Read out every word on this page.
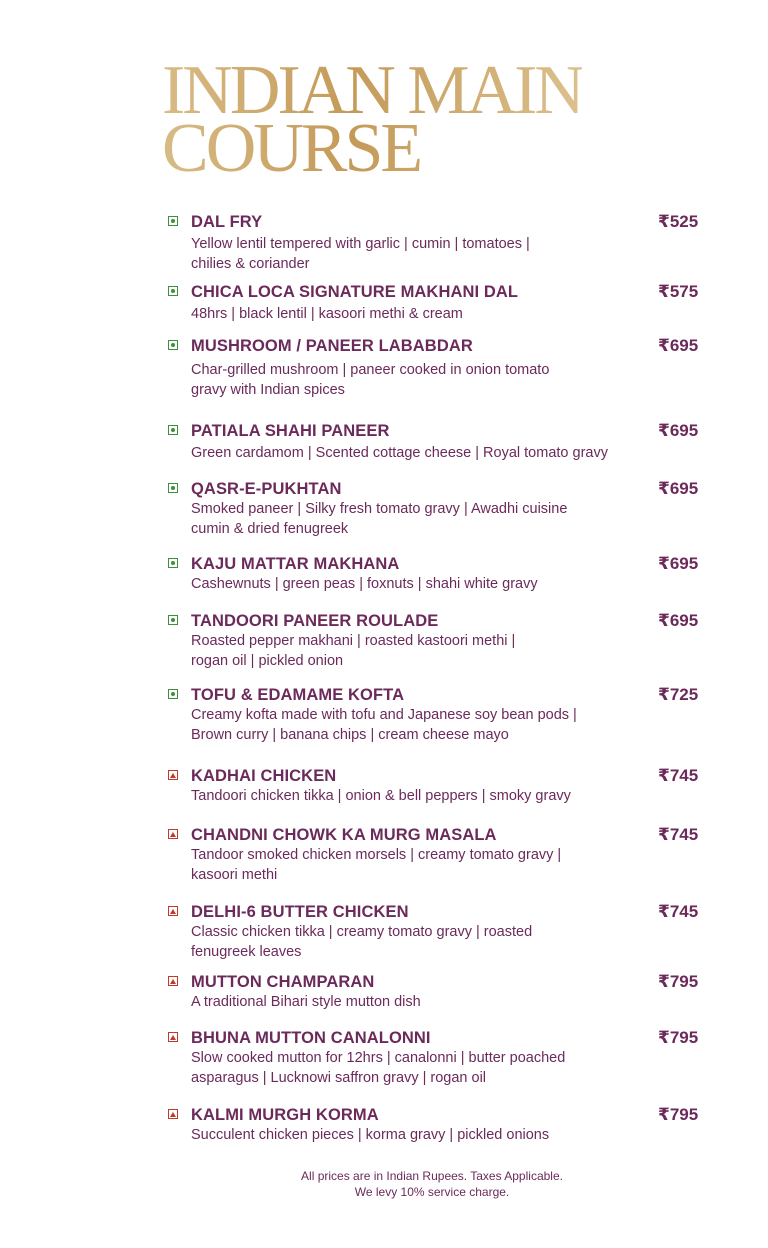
INDIAN MAIN
COURSE
DAL FRY	₹525
Yellow lentil tempered with garlic | cumin | tomatoes |
chilies & coriander
CHICA LOCA SIGNATURE MAKHANI DAL	₹575
48hrs | black lentil | kasoori methi & cream
MUSHROOM / PANEER LABABDAR	₹695
Char-grilled mushroom | paneer cooked in onion tomato
gravy with Indian spices
PATIALA SHAHI PANEER	₹695
Green cardamom | Scented cottage cheese | Royal tomato gravy
QASR-E-PUKHTAN	₹695
Smoked paneer | Silky fresh tomato gravy | Awadhi cuisine
cumin & dried fenugreek
KAJU MATTAR MAKHANA	₹695
Cashewnuts | green peas | foxnuts | shahi white gravy
TANDOORI PANEER ROULADE	₹695
Roasted pepper makhani | roasted kastoori methi |
rogan oil | pickled onion
TOFU & EDAMAME KOFTA	₹725
Creamy kofta made with tofu and Japanese soy bean pods |
Brown curry | banana chips | cream cheese mayo
KADHAI CHICKEN	₹745
Tandoori chicken tikka | onion & bell peppers | smoky gravy
CHANDNI CHOWK KA MURG MASALA	₹745
Tandoor smoked chicken morsels | creamy tomato gravy |
kasoori methi
DELHI-6 BUTTER CHICKEN	₹745
Classic chicken tikka | creamy tomato gravy | roasted
fenugreek leaves
MUTTON CHAMPARAN	₹795
A traditional Bihari style mutton dish
BHUNA MUTTON CANALONNI	₹795
Slow cooked mutton for 12hrs | canalonni | butter poached
asparagus | Lucknowi saffron gravy | rogan oil
KALMI MURGH KORMA	₹795
Succulent chicken pieces | korma gravy | pickled onions
All prices are in Indian Rupees. Taxes Applicable.
We levy 10% service charge.
